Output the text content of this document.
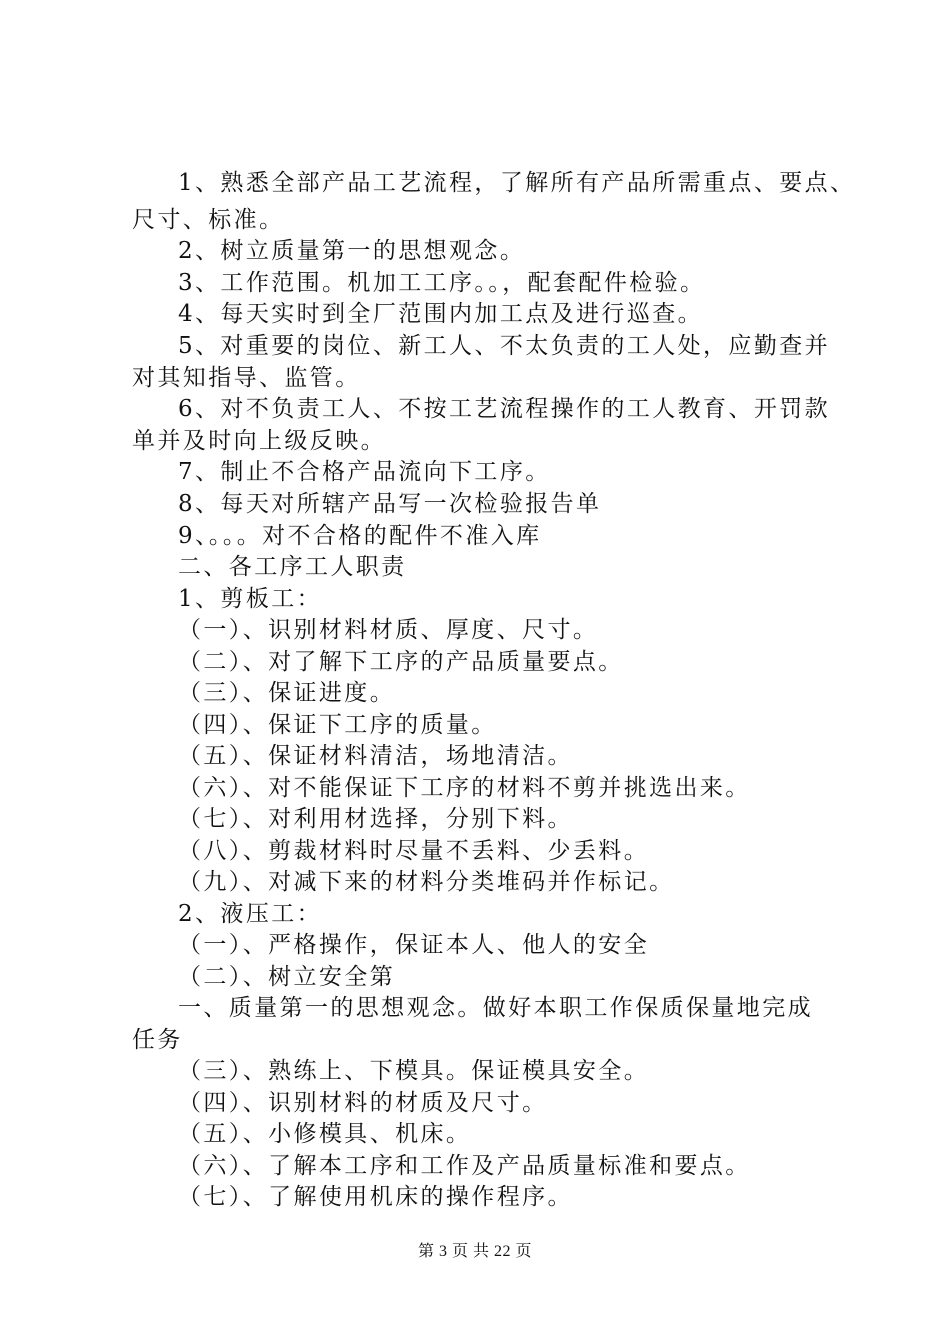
1、熟悉全部产品工艺流程，了解所有产品所需重点、要点、
尺寸、标准。
2、树立质量第一的思想观念。
3、工作范围。机加工工序。。，配套配件检验。
4、每天实时到全厂范围内加工点及进行巡查。
5、对重要的岗位、新工人、不太负责的工人处，应勤查并
对其知指导、监管。
6、对不负责工人、不按工艺流程操作的工人教育、开罚款
单并及时向上级反映。
7、制止不合格产品流向下工序。
8、每天对所辖产品写一次检验报告单
9、。。。对不合格的配件不准入库
二、各工序工人职责
1、剪板工：
（一）、识别材料材质、厚度、尺寸。
（二）、对了解下工序的产品质量要点。
（三）、保证进度。
（四）、保证下工序的质量。
（五）、保证材料清洁，场地清洁。
（六）、对不能保证下工序的材料不剪并挑选出来。
（七）、对利用材选择，分别下料。
（八）、剪裁材料时尽量不丢料、少丢料。
（九）、对减下来的材料分类堆码并作标记。
2、液压工：
（一）、严格操作，保证本人、他人的安全
（二）、树立安全第
一、质量第一的思想观念。做好本职工作保质保量地完成
任务
（三）、熟练上、下模具。保证模具安全。
（四）、识别材料的材质及尺寸。
（五）、小修模具、机床。
（六）、了解本工序和工作及产品质量标准和要点。
（七）、了解使用机床的操作程序。
第 3 页 共 22 页
